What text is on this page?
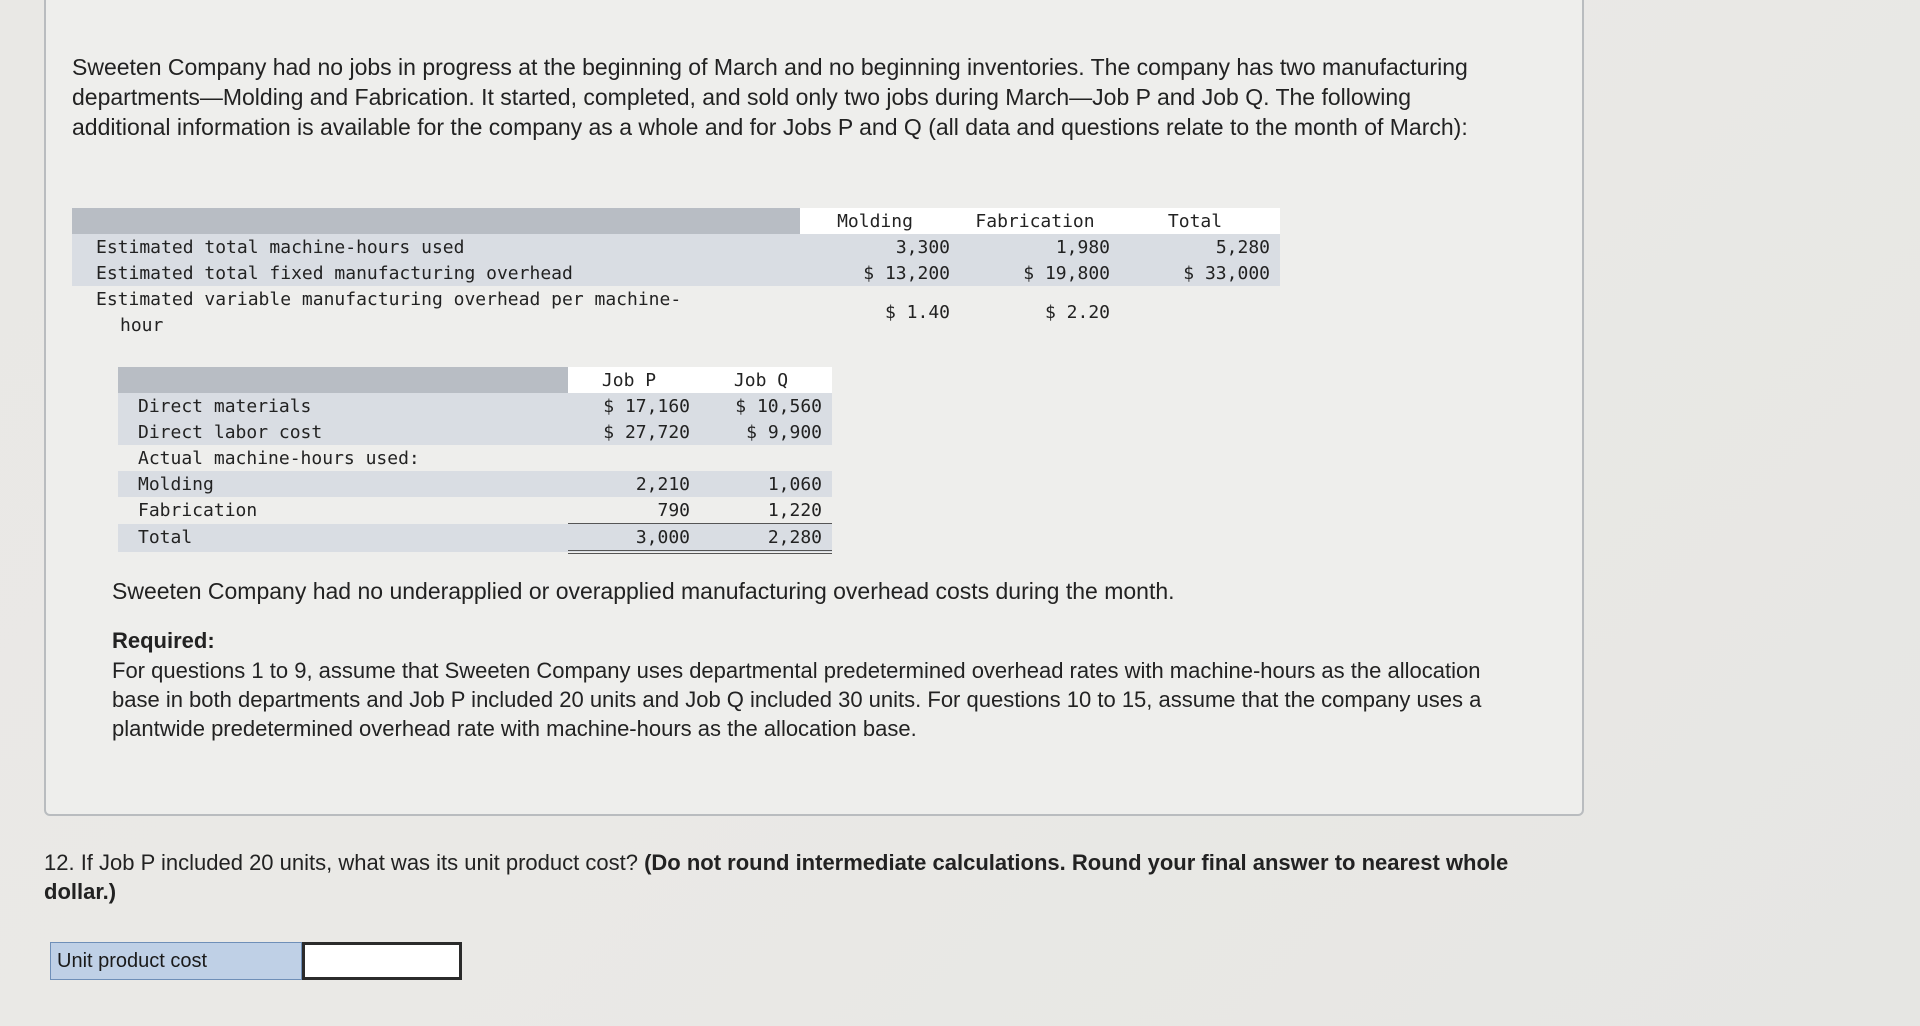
Sweeten Company had no jobs in progress at the beginning of March and no beginning inventories. The company has two manufacturing departments—Molding and Fabrication. It started, completed, and sold only two jobs during March—Job P and Job Q. The following additional information is available for the company as a whole and for Jobs P and Q (all data and questions relate to the month of March):
	Molding	Fabrication	Total
Estimated total machine-hours used	3,300	1,980	5,280
Estimated total fixed manufacturing overhead	$ 13,200	$ 19,800	$ 33,000
Estimated variable manufacturing overhead per machine-	$ 1.40	$ 2.20	
hour			
	Job P	Job Q
Direct materials	$ 17,160	$ 10,560
Direct labor cost	$ 27,720	$ 9,900
Actual machine-hours used:		
Molding	2,210	1,060
Fabrication	790	1,220
Total	3,000	2,280
Sweeten Company had no underapplied or overapplied manufacturing overhead costs during the month.
Required:
For questions 1 to 9, assume that Sweeten Company uses departmental predetermined overhead rates with machine-hours as the allocation base in both departments and Job P included 20 units and Job Q included 30 units. For questions 10 to 15, assume that the company uses a plantwide predetermined overhead rate with machine-hours as the allocation base.
12. If Job P included 20 units, what was its unit product cost? (Do not round intermediate calculations. Round your final answer to nearest whole dollar.)
Unit product cost
